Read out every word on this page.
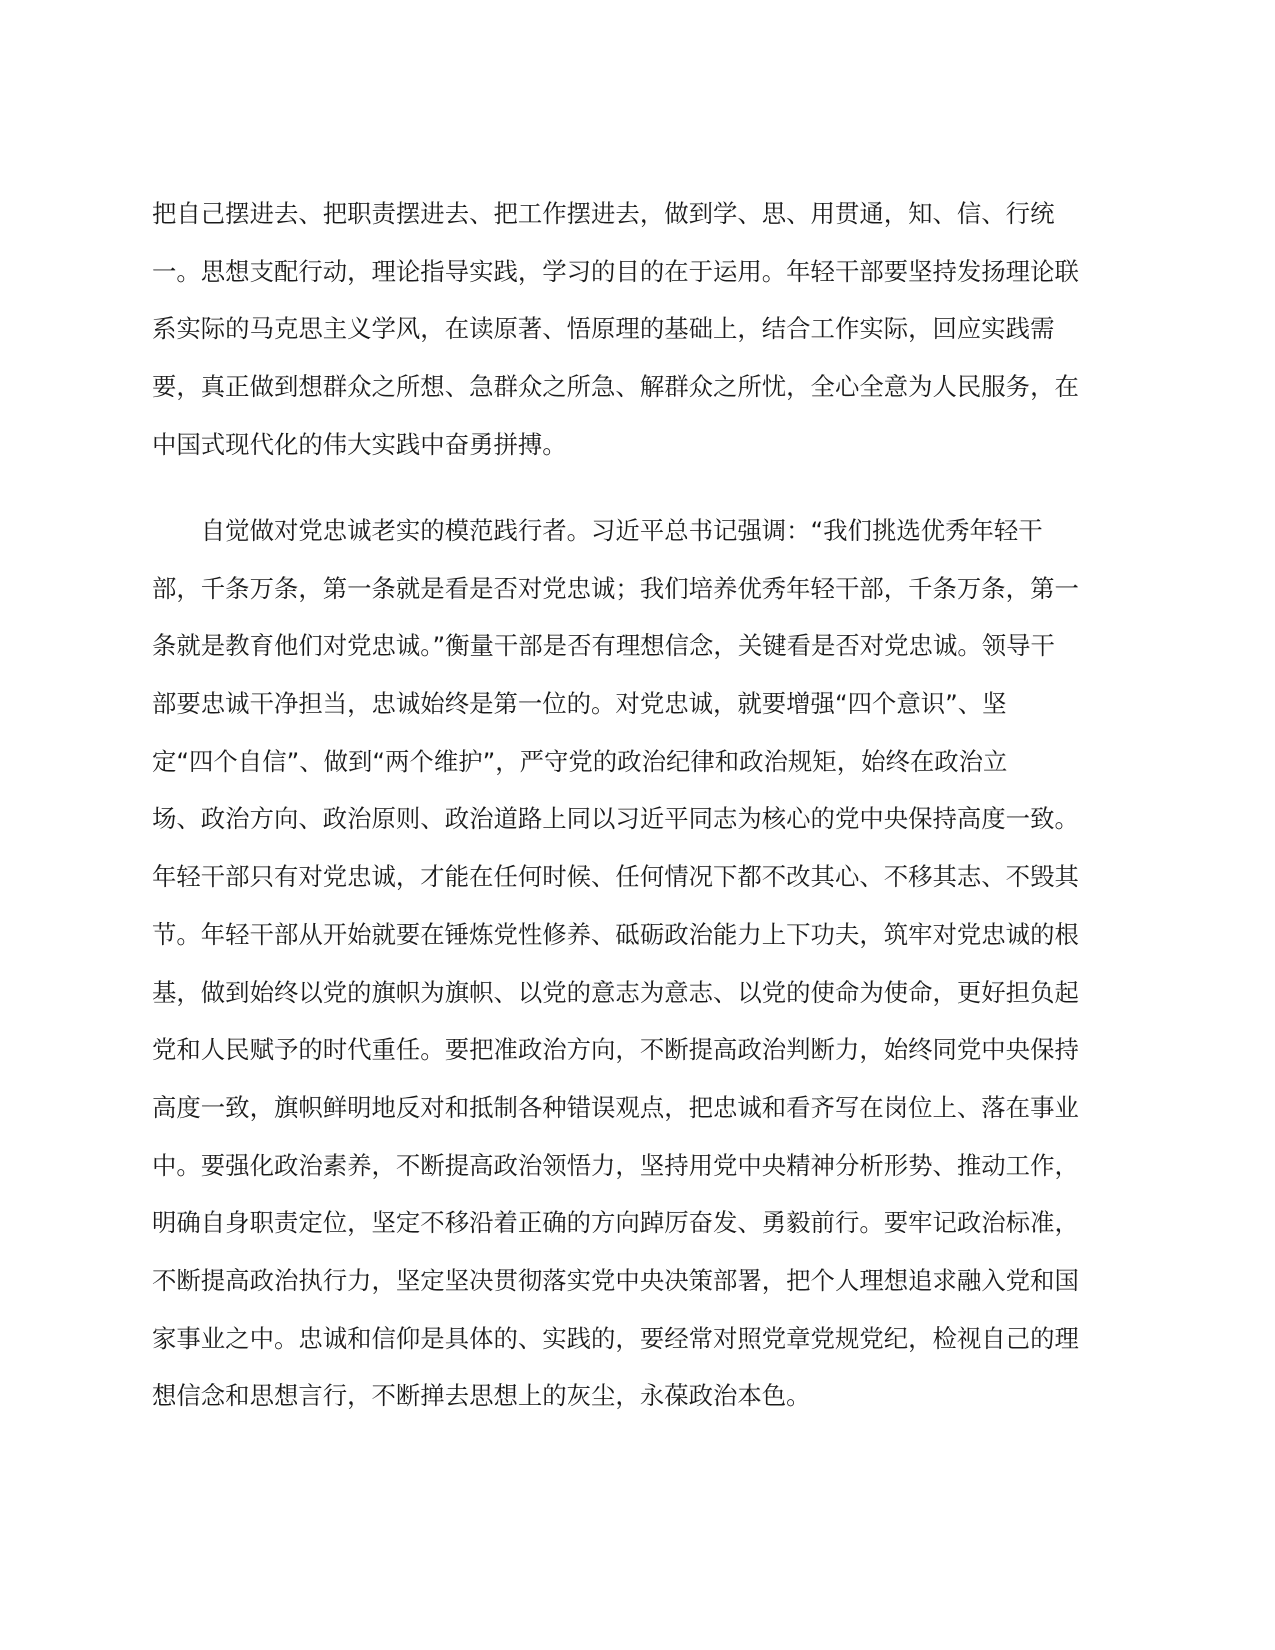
把自己摆进去、把职责摆进去、把工作摆进去，做到学、思、用贯通，知、信、行统
一。思想支配行动，理论指导实践，学习的目的在于运用。年轻干部要坚持发扬理论联
系实际的马克思主义学风，在读原著、悟原理的基础上，结合工作实际，回应实践需
要，真正做到想群众之所想、急群众之所急、解群众之所忧，全心全意为人民服务，在
中国式现代化的伟大实践中奋勇拼搏。
　　自觉做对党忠诚老实的模范践行者。习近平总书记强调：“我们挑选优秀年轻干
部，千条万条，第一条就是看是否对党忠诚；我们培养优秀年轻干部，千条万条，第一
条就是教育他们对党忠诚。”衡量干部是否有理想信念，关键看是否对党忠诚。领导干
部要忠诚干净担当，忠诚始终是第一位的。对党忠诚，就要增强“四个意识”、坚
定“四个自信”、做到“两个维护”，严守党的政治纪律和政治规矩，始终在政治立
场、政治方向、政治原则、政治道路上同以习近平同志为核心的党中央保持高度一致。
年轻干部只有对党忠诚，才能在任何时候、任何情况下都不改其心、不移其志、不毁其
节。年轻干部从开始就要在锤炼党性修养、砥砺政治能力上下功夫，筑牢对党忠诚的根
基，做到始终以党的旗帜为旗帜、以党的意志为意志、以党的使命为使命，更好担负起
党和人民赋予的时代重任。要把准政治方向，不断提高政治判断力，始终同党中央保持
高度一致，旗帜鲜明地反对和抵制各种错误观点，把忠诚和看齐写在岗位上、落在事业
中。要强化政治素养，不断提高政治领悟力，坚持用党中央精神分析形势、推动工作，
明确自身职责定位，坚定不移沿着正确的方向踔厉奋发、勇毅前行。要牢记政治标准，
不断提高政治执行力，坚定坚决贯彻落实党中央决策部署，把个人理想追求融入党和国
家事业之中。忠诚和信仰是具体的、实践的，要经常对照党章党规党纪，检视自己的理
想信念和思想言行，不断掸去思想上的灰尘，永葆政治本色。
